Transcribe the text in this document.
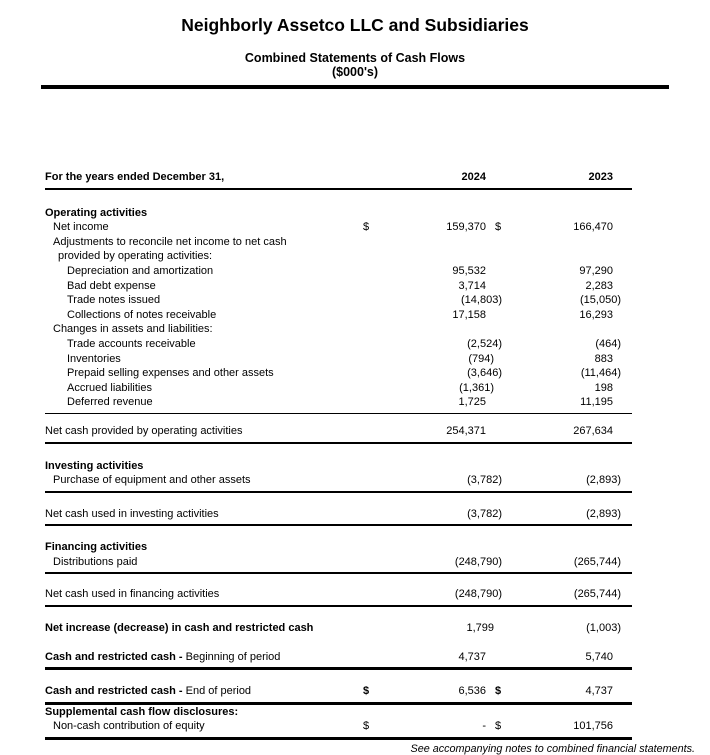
Neighborly Assetco LLC and Subsidiaries
Combined Statements of Cash Flows
($000's)
For the years ended December 31,	2024	2023
Operating activities
Net income	$	159,370 $	166,470
Adjustments to reconcile net income to net cash
provided by operating activities:
Depreciation and amortization	95,532	97,290
Bad debt expense	3,714	2,283
Trade notes issued	(14,803)	(15,050)
Collections of notes receivable	17,158	16,293
Changes in assets and liabilities:
Trade accounts receivable	(2,524)	(464)
Inventories	(794)	883
Prepaid selling expenses and other assets	(3,646)	(11,464)
Accrued liabilities	(1,361)	198
Deferred revenue	1,725	11,195
Net cash provided by operating activities	254,371	267,634
Investing activities
Purchase of equipment and other assets	(3,782)	(2,893)
Net cash used in investing activities	(3,782)	(2,893)
Financing activities
Distributions paid	(248,790)	(265,744)
Net cash used in financing activities	(248,790)	(265,744)
Net increase (decrease) in cash and restricted cash	1,799	(1,003)
Cash and restricted cash - Beginning of period	4,737	5,740
Cash and restricted cash - End of period	$	6,536 $	4,737
Supplemental cash flow disclosures:
Non-cash contribution of equity	$	- $	101,756
See accompanying notes to combined financial statements.
